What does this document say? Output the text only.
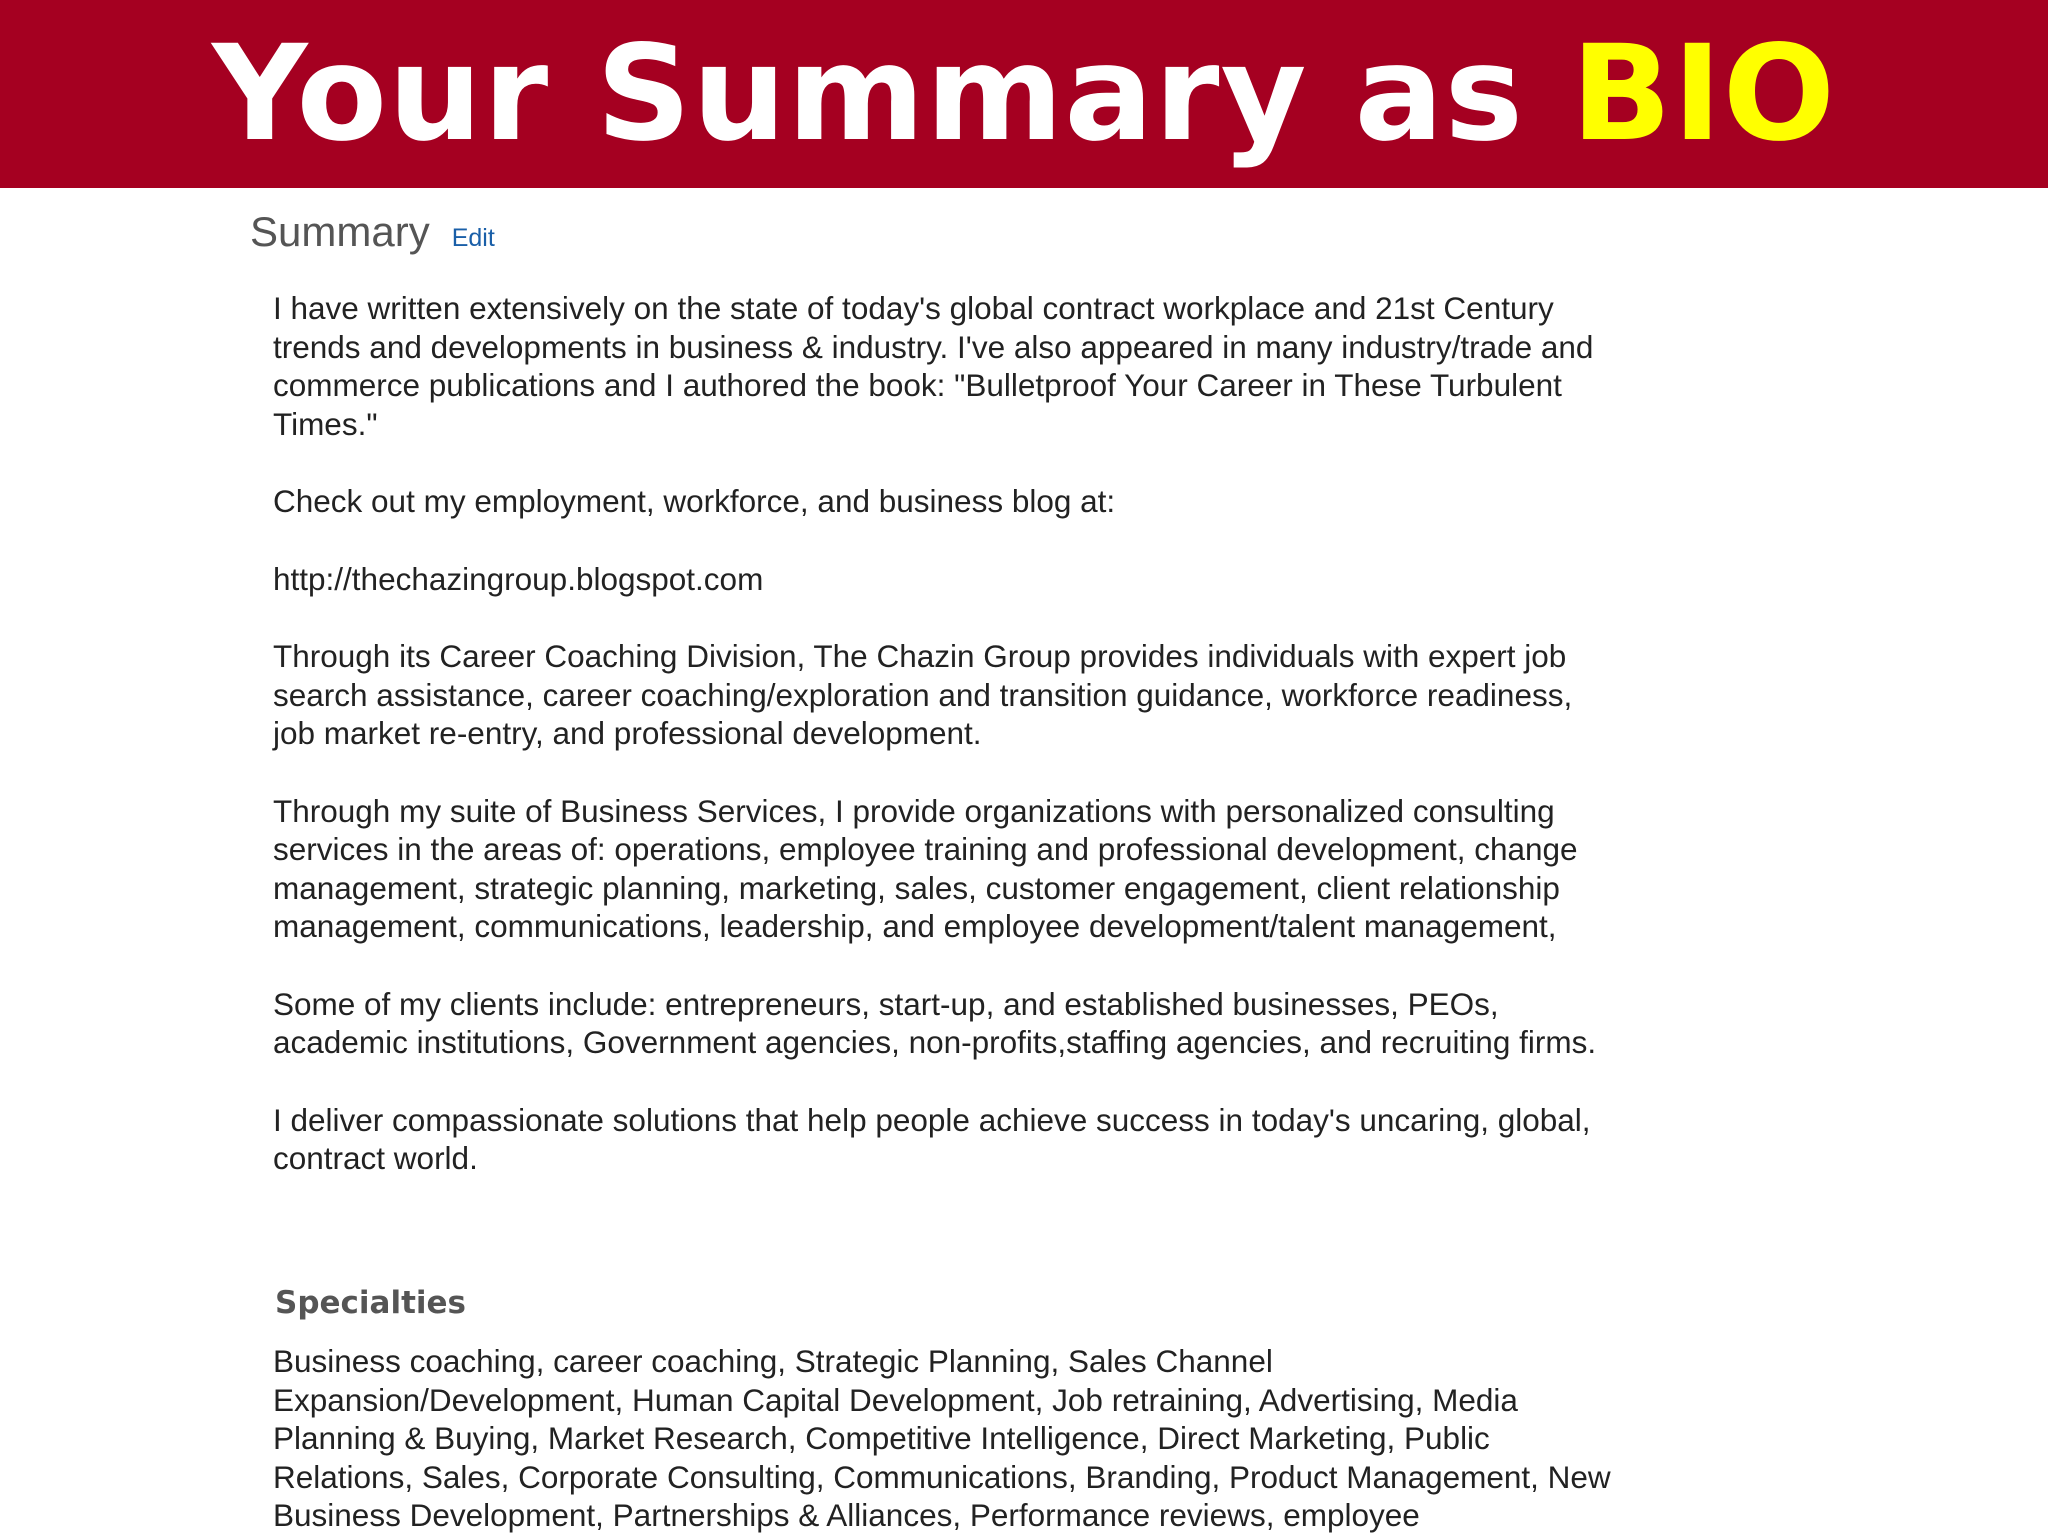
Your Summary as BIO
Summary Edit

I have written extensively on the state of today's global contract workplace and 21st Century trends and developments in business & industry. I've also appeared in many industry/trade and commerce publications and I authored the book: "Bulletproof Your Career in These Turbulent Times."

Check out my employment, workforce, and business blog at:

http://thechazingroup.blogspot.com

Through its Career Coaching Division, The Chazin Group provides individuals with expert job search assistance, career coaching/exploration and transition guidance, workforce readiness, job market re-entry, and professional development.

Through my suite of Business Services, I provide organizations with personalized consulting services in the areas of: operations, employee training and professional development, change management, strategic planning, marketing, sales, customer engagement, client relationship management, communications, leadership, and employee development/talent management,

Some of my clients include: entrepreneurs, start-up, and established businesses, PEOs, academic institutions, Government agencies, non-profits,staffing agencies, and recruiting firms.

I deliver compassionate solutions that help people achieve success in today's uncaring, global, contract world.

Specialties

Business coaching, career coaching, Strategic Planning, Sales Channel Expansion/Development, Human Capital Development, Job retraining, Advertising, Media Planning & Buying, Market Research, Competitive Intelligence, Direct Marketing, Public Relations, Sales, Corporate Consulting, Communications, Branding, Product Management, New Business Development, Partnerships & Alliances, Performance reviews, employee
